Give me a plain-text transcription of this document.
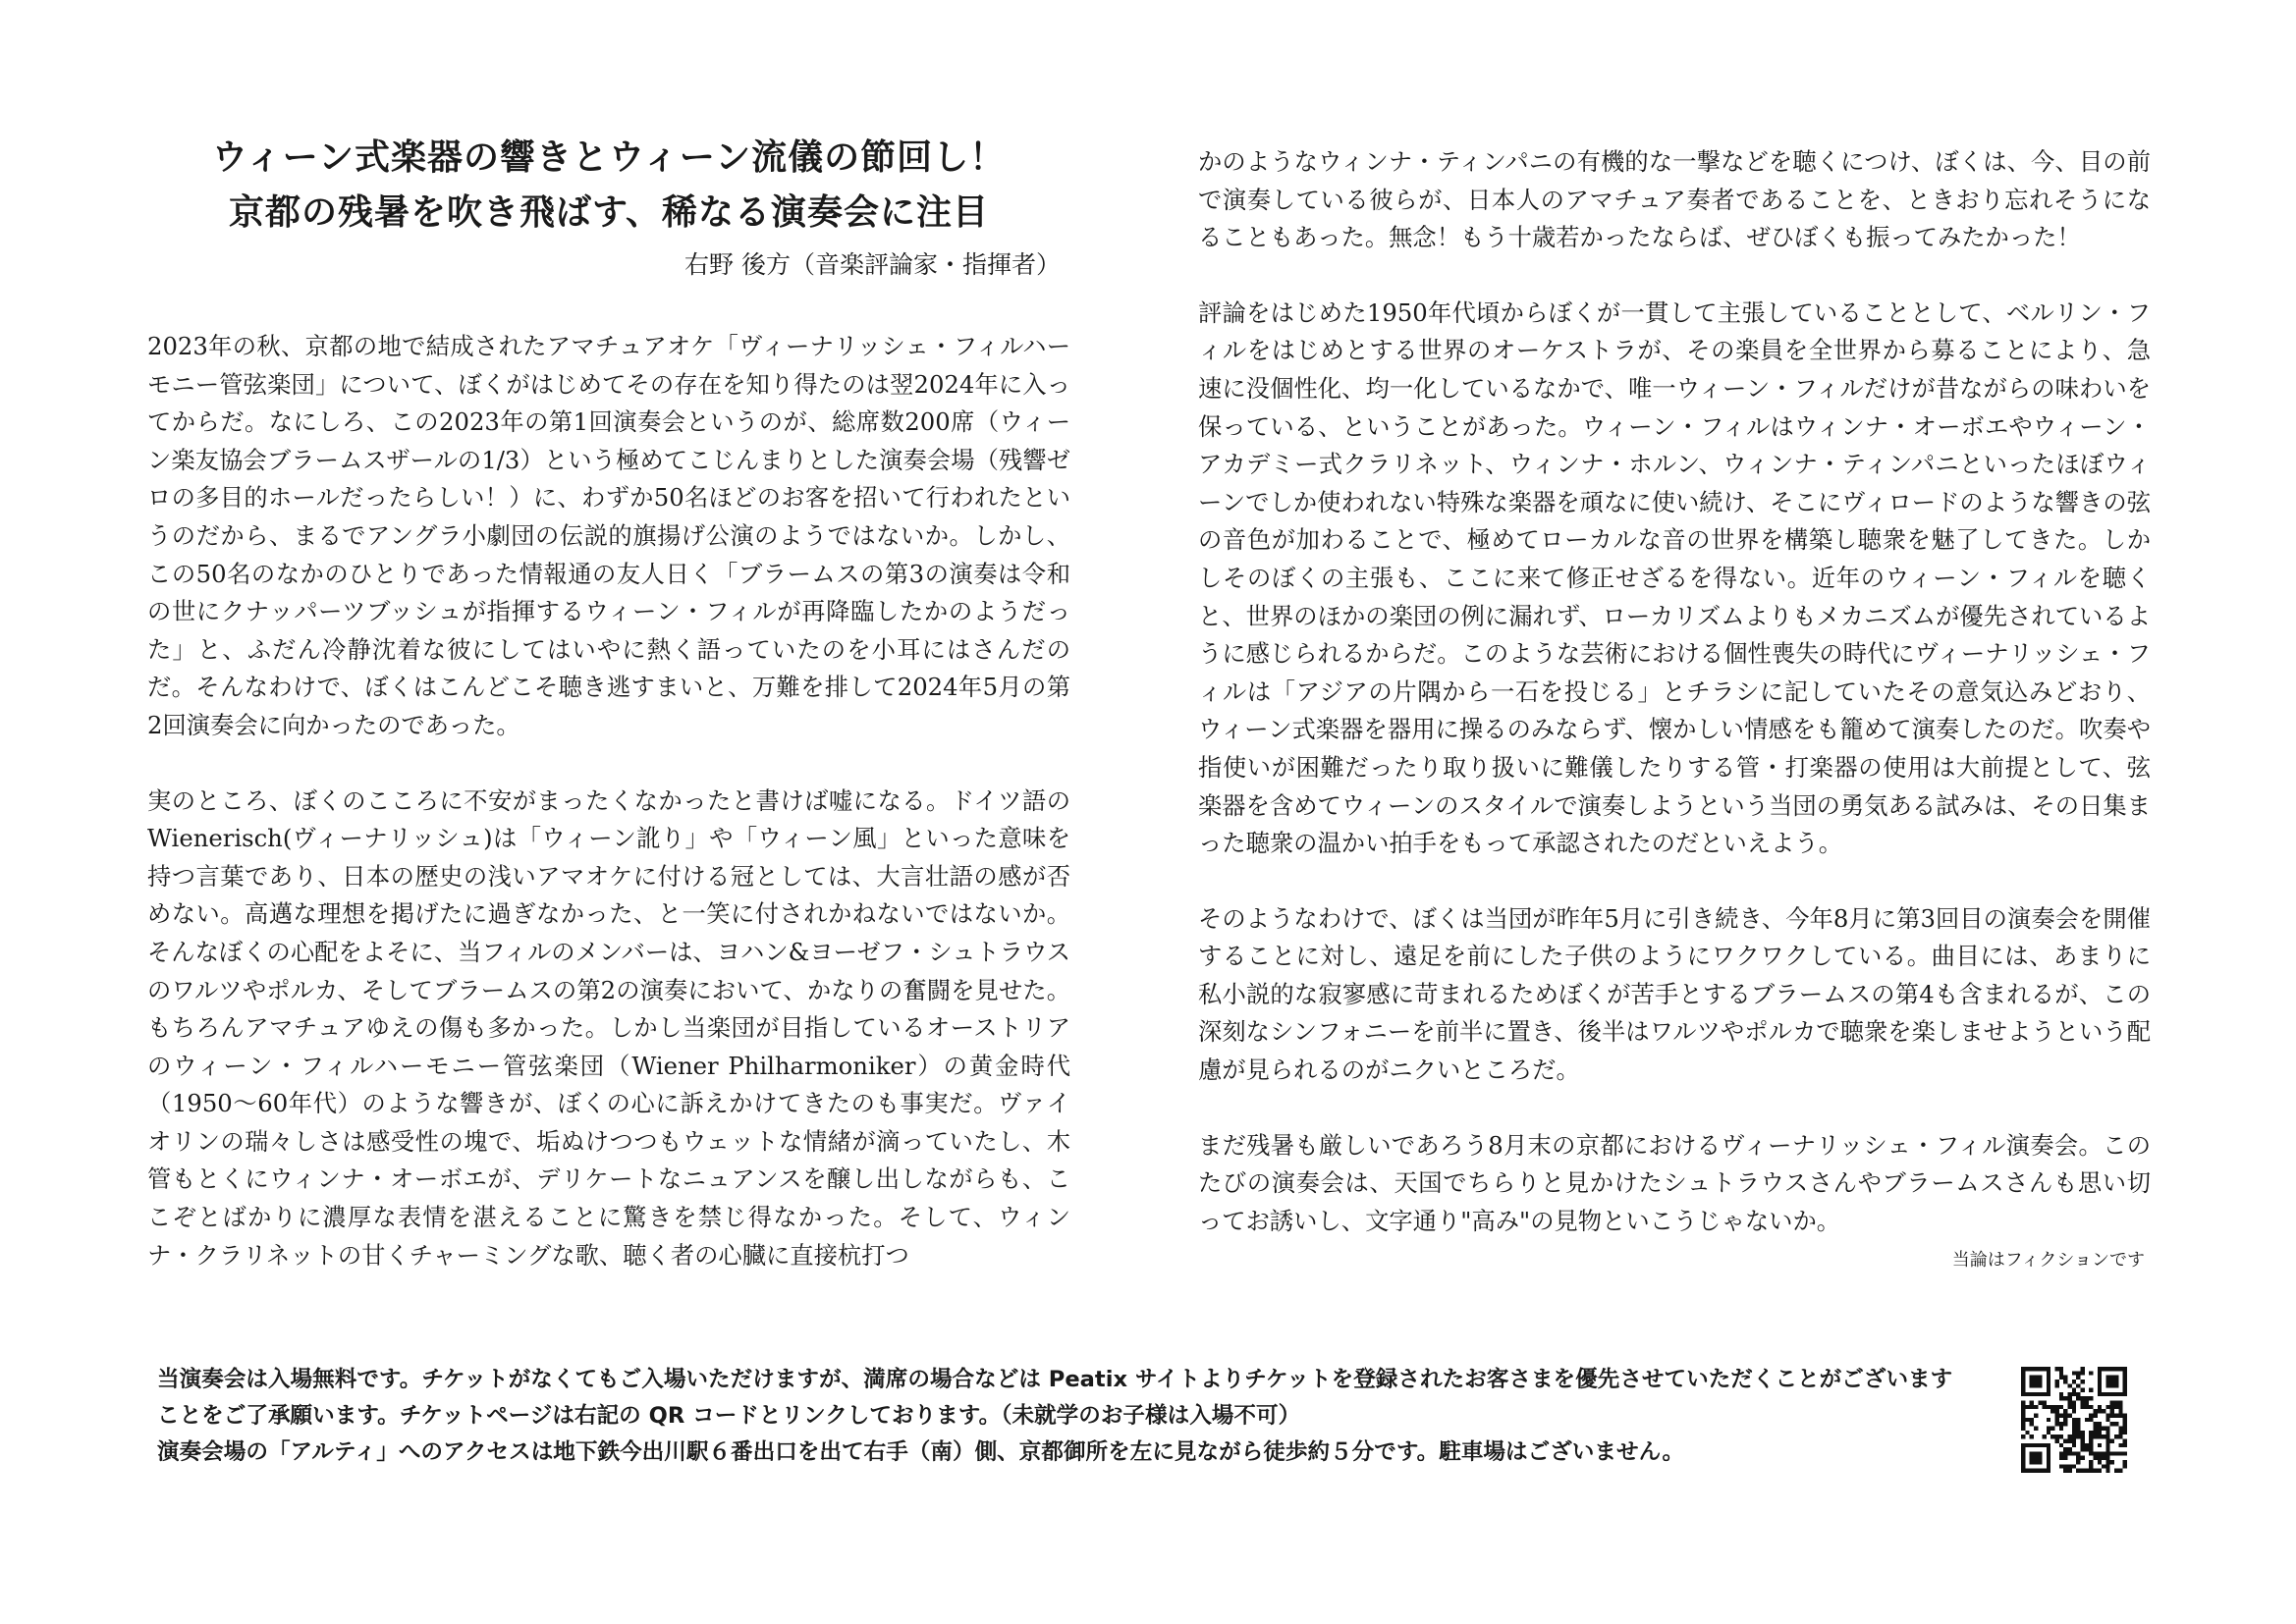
ウィーン式楽器の響きとウィーン流儀の節回し！
京都の残暑を吹き飛ばす、稀なる演奏会に注目

右野 後方（音楽評論家・指揮者）

2023年の秋、京都の地で結成されたアマチュアオケ「ヴィーナリッシェ・フィルハーモニー管弦楽団」について、ぼくがはじめてその存在を知り得たのは翌2024年に入ってからだ。なにしろ、この2023年の第1回演奏会というのが、総席数200席（ウィーン楽友協会ブラームスザールの1/3）という極めてこじんまりとした演奏会場（残響ゼロの多目的ホールだったらしい！）に、わずか50名ほどのお客を招いて行われたというのだから、まるでアングラ小劇団の伝説的旗揚げ公演のようではないか。しかし、この50名のなかのひとりであった情報通の友人日く「ブラームスの第3の演奏は令和の世にクナッパーツブッシュが指揮するウィーン・フィルが再降臨したかのようだった」と、ふだん冷静沈着な彼にしてはいやに熱く語っていたのを小耳にはさんだのだ。そんなわけで、ぼくはこんどこそ聴き逃すまいと、万難を排して2024年5月の第2回演奏会に向かったのであった。

実のところ、ぼくのこころに不安がまったくなかったと書けば嘘になる。ドイツ語のWienerisch(ヴィーナリッシュ)は「ウィーン訛り」や「ウィーン風」といった意味を持つ言葉であり、日本の歴史の浅いアマオケに付ける冠としては、大言壮語の感が否めない。高邁な理想を掲げたに過ぎなかった、と一笑に付されかねないではないか。そんなぼくの心配をよそに、当フィルのメンバーは、ヨハン&ヨーゼフ・シュトラウスのワルツやポルカ、そしてブラームスの第2の演奏において、かなりの奮闘を見せた。もちろんアマチュアゆえの傷も多かった。しかし当楽団が目指しているオーストリアのウィーン・フィルハーモニー管弦楽団（Wiener Philharmoniker）の黄金時代（1950〜60年代）のような響きが、ぼくの心に訴えかけてきたのも事実だ。ヴァイオリンの瑞々しさは感受性の塊で、垢ぬけつつもウェットな情緒が滴っていたし、木管もとくにウィンナ・オーボエが、デリケートなニュアンスを醸し出しながらも、ここぞとばかりに濃厚な表情を湛えることに驚きを禁じ得なかった。そして、ウィンナ・クラリネットの甘くチャーミングな歌、聴く者の心臓に直接杭打つ

かのようなウィンナ・ティンパニの有機的な一撃などを聴くにつけ、ぼくは、今、目の前で演奏している彼らが、日本人のアマチュア奏者であることを、ときおり忘れそうになることもあった。無念！もう十歳若かったならば、ぜひぼくも振ってみたかった！

評論をはじめた1950年代頃からぼくが一貫して主張していることとして、ベルリン・フィルをはじめとする世界のオーケストラが、その楽員を全世界から募ることにより、急速に没個性化、均一化しているなかで、唯一ウィーン・フィルだけが昔ながらの味わいを保っている、ということがあった。ウィーン・フィルはウィンナ・オーボエやウィーン・アカデミー式クラリネット、ウィンナ・ホルン、ウィンナ・ティンパニといったほぼウィーンでしか使われない特殊な楽器を頑なに使い続け、そこにヴィロードのような響きの弦の音色が加わることで、極めてローカルな音の世界を構築し聴衆を魅了してきた。しかしそのぼくの主張も、ここに来て修正せざるを得ない。近年のウィーン・フィルを聴くと、世界のほかの楽団の例に漏れず、ローカリズムよりもメカニズムが優先されているように感じられるからだ。このような芸術における個性喪失の時代にヴィーナリッシェ・フィルは「アジアの片隅から一石を投じる」とチラシに記していたその意気込みどおり、ウィーン式楽器を器用に操るのみならず、懐かしい情感をも籠めて演奏したのだ。吹奏や指使いが困難だったり取り扱いに難儀したりする管・打楽器の使用は大前提として、弦楽器を含めてウィーンのスタイルで演奏しようという当団の勇気ある試みは、その日集まった聴衆の温かい拍手をもって承認されたのだといえよう。

そのようなわけで、ぼくは当団が昨年5月に引き続き、今年8月に第3回目の演奏会を開催することに対し、遠足を前にした子供のようにワクワクしている。曲目には、あまりに私小説的な寂寥感に苛まれるためぼくが苦手とするブラームスの第4も含まれるが、この深刻なシンフォニーを前半に置き、後半はワルツやポルカで聴衆を楽しませようという配慮が見られるのがニクいところだ。

まだ残暑も厳しいであろう8月末の京都におけるヴィーナリッシェ・フィル演奏会。このたびの演奏会は、天国でちらりと見かけたシュトラウスさんやブラームスさんも思い切ってお誘いし、文字通り"高み"の見物といこうじゃないか。

当論はフィクションです

当演奏会は入場無料です。チケットがなくてもご入場いただけますが、満席の場合などは Peatix サイトよりチケットを登録されたお客さまを優先させていただくことがございますことをご了承願います。チケットページは右記の QR コードとリンクしております。（未就学のお子様は入場不可）

演奏会場の「アルティ」へのアクセスは地下鉄今出川駅６番出口を出て右手（南）側、京都御所を左に見ながら徒歩約５分です。駐車場はございません。
